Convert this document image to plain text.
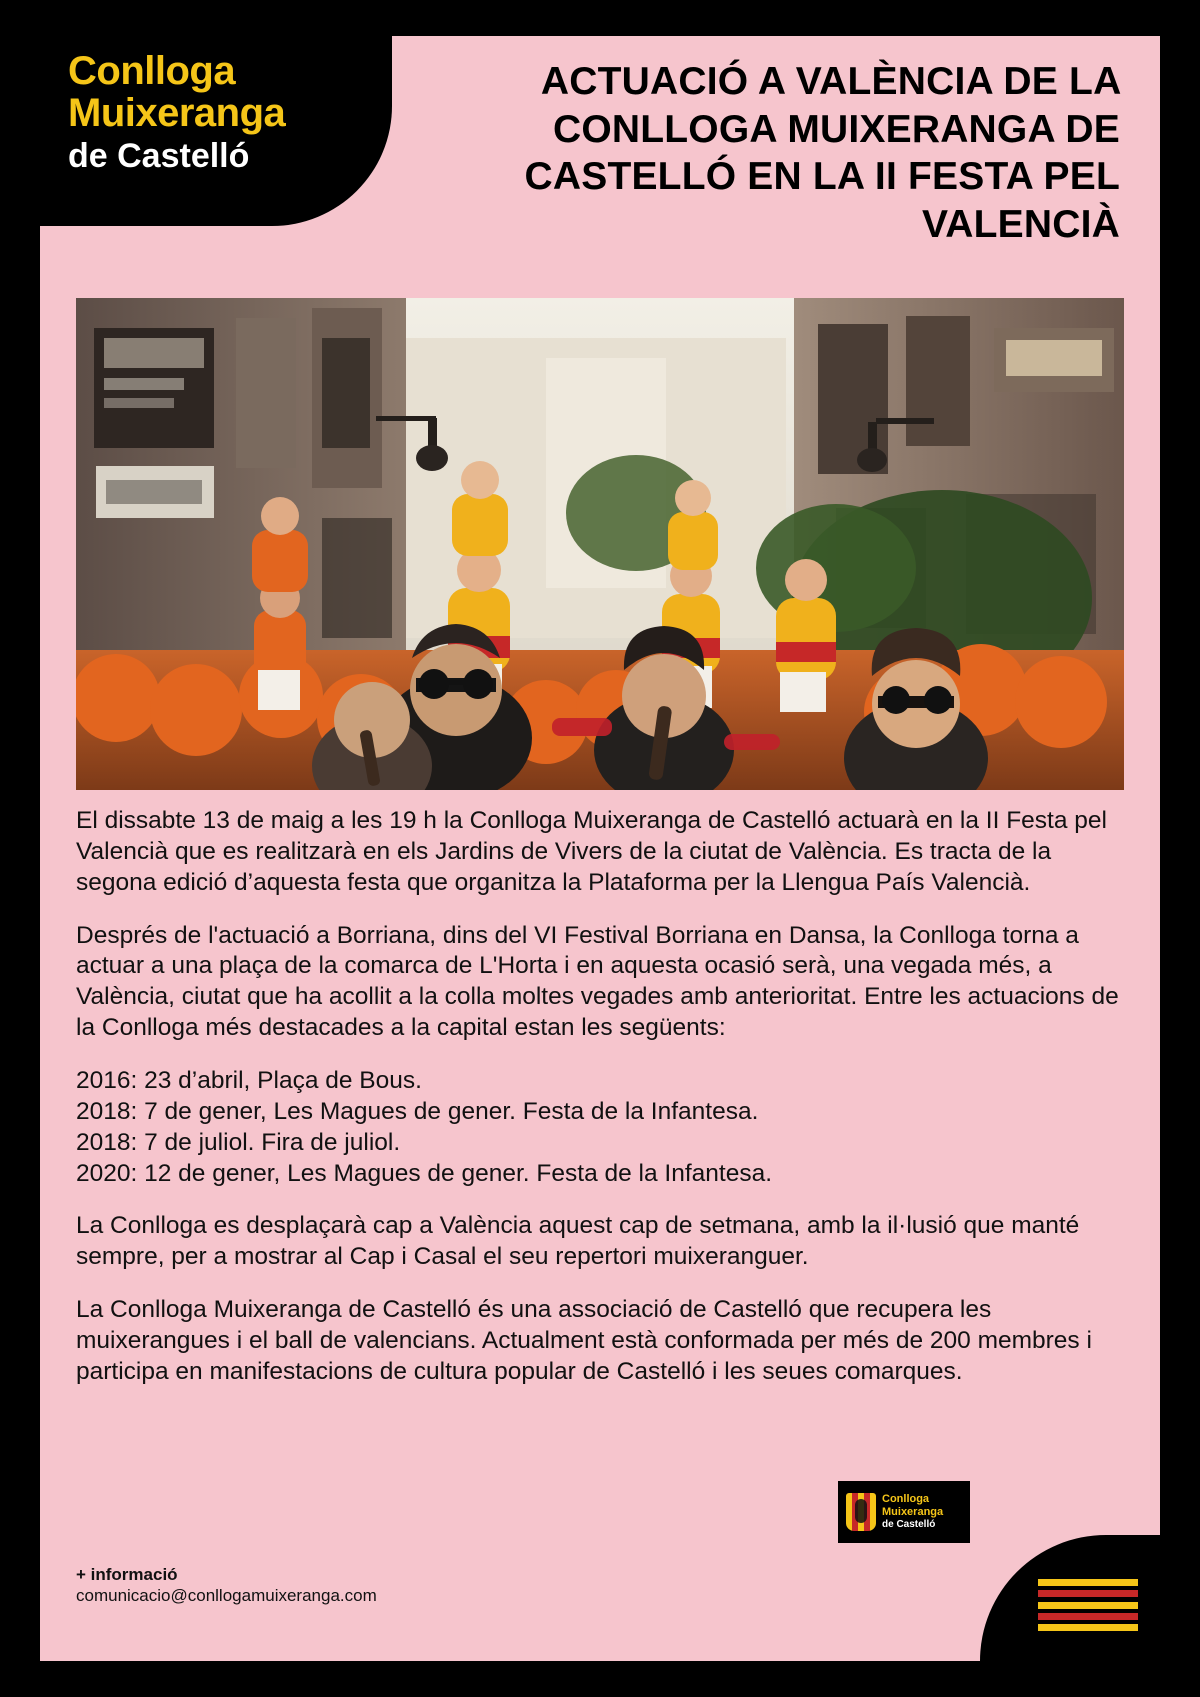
Conlloga
Muixeranga
de Castelló
ACTUACIÓ A VALÈNCIA DE LA CONLLOGA MUIXERANGA DE CASTELLÓ EN LA II FESTA PEL VALENCIÀ

El dissabte 13 de maig a les 19 h la Conlloga Muixeranga de Castelló actuarà en la II Festa pel Valencià que es realitzarà en els Jardins de Vivers de la ciutat de València. Es tracta de la segona edició d’aquesta festa que organitza la Plataforma per la Llengua País Valencià.

Després de l'actuació a Borriana, dins del VI Festival Borriana en Dansa, la Conlloga torna a actuar a una plaça de la comarca de L'Horta i en aquesta ocasió serà, una vegada més, a València, ciutat que ha acollit a la colla moltes vegades amb anterioritat. Entre les actuacions de la Conlloga més destacades a la capital estan les següents:

2016: 23 d’abril, Plaça de Bous.
2018: 7 de gener, Les Magues de gener. Festa de la Infantesa.
2018: 7 de juliol. Fira de juliol.
2020: 12 de gener, Les Magues de gener. Festa de la Infantesa.

La Conlloga es desplaçarà cap a València aquest cap de setmana, amb la il·lusió que manté sempre, per a mostrar al Cap i Casal el seu repertori muixeranguer.

La Conlloga Muixeranga de Castelló és una associació de Castelló que recupera les muixerangues i el ball de valencians. Actualment està conformada per més de 200 membres i participa en manifestacions de cultura popular de Castelló i les seues comarques.

+ informació
comunicacio@conllogamuixeranga.com
Conlloga
Muixeranga
de Castelló
